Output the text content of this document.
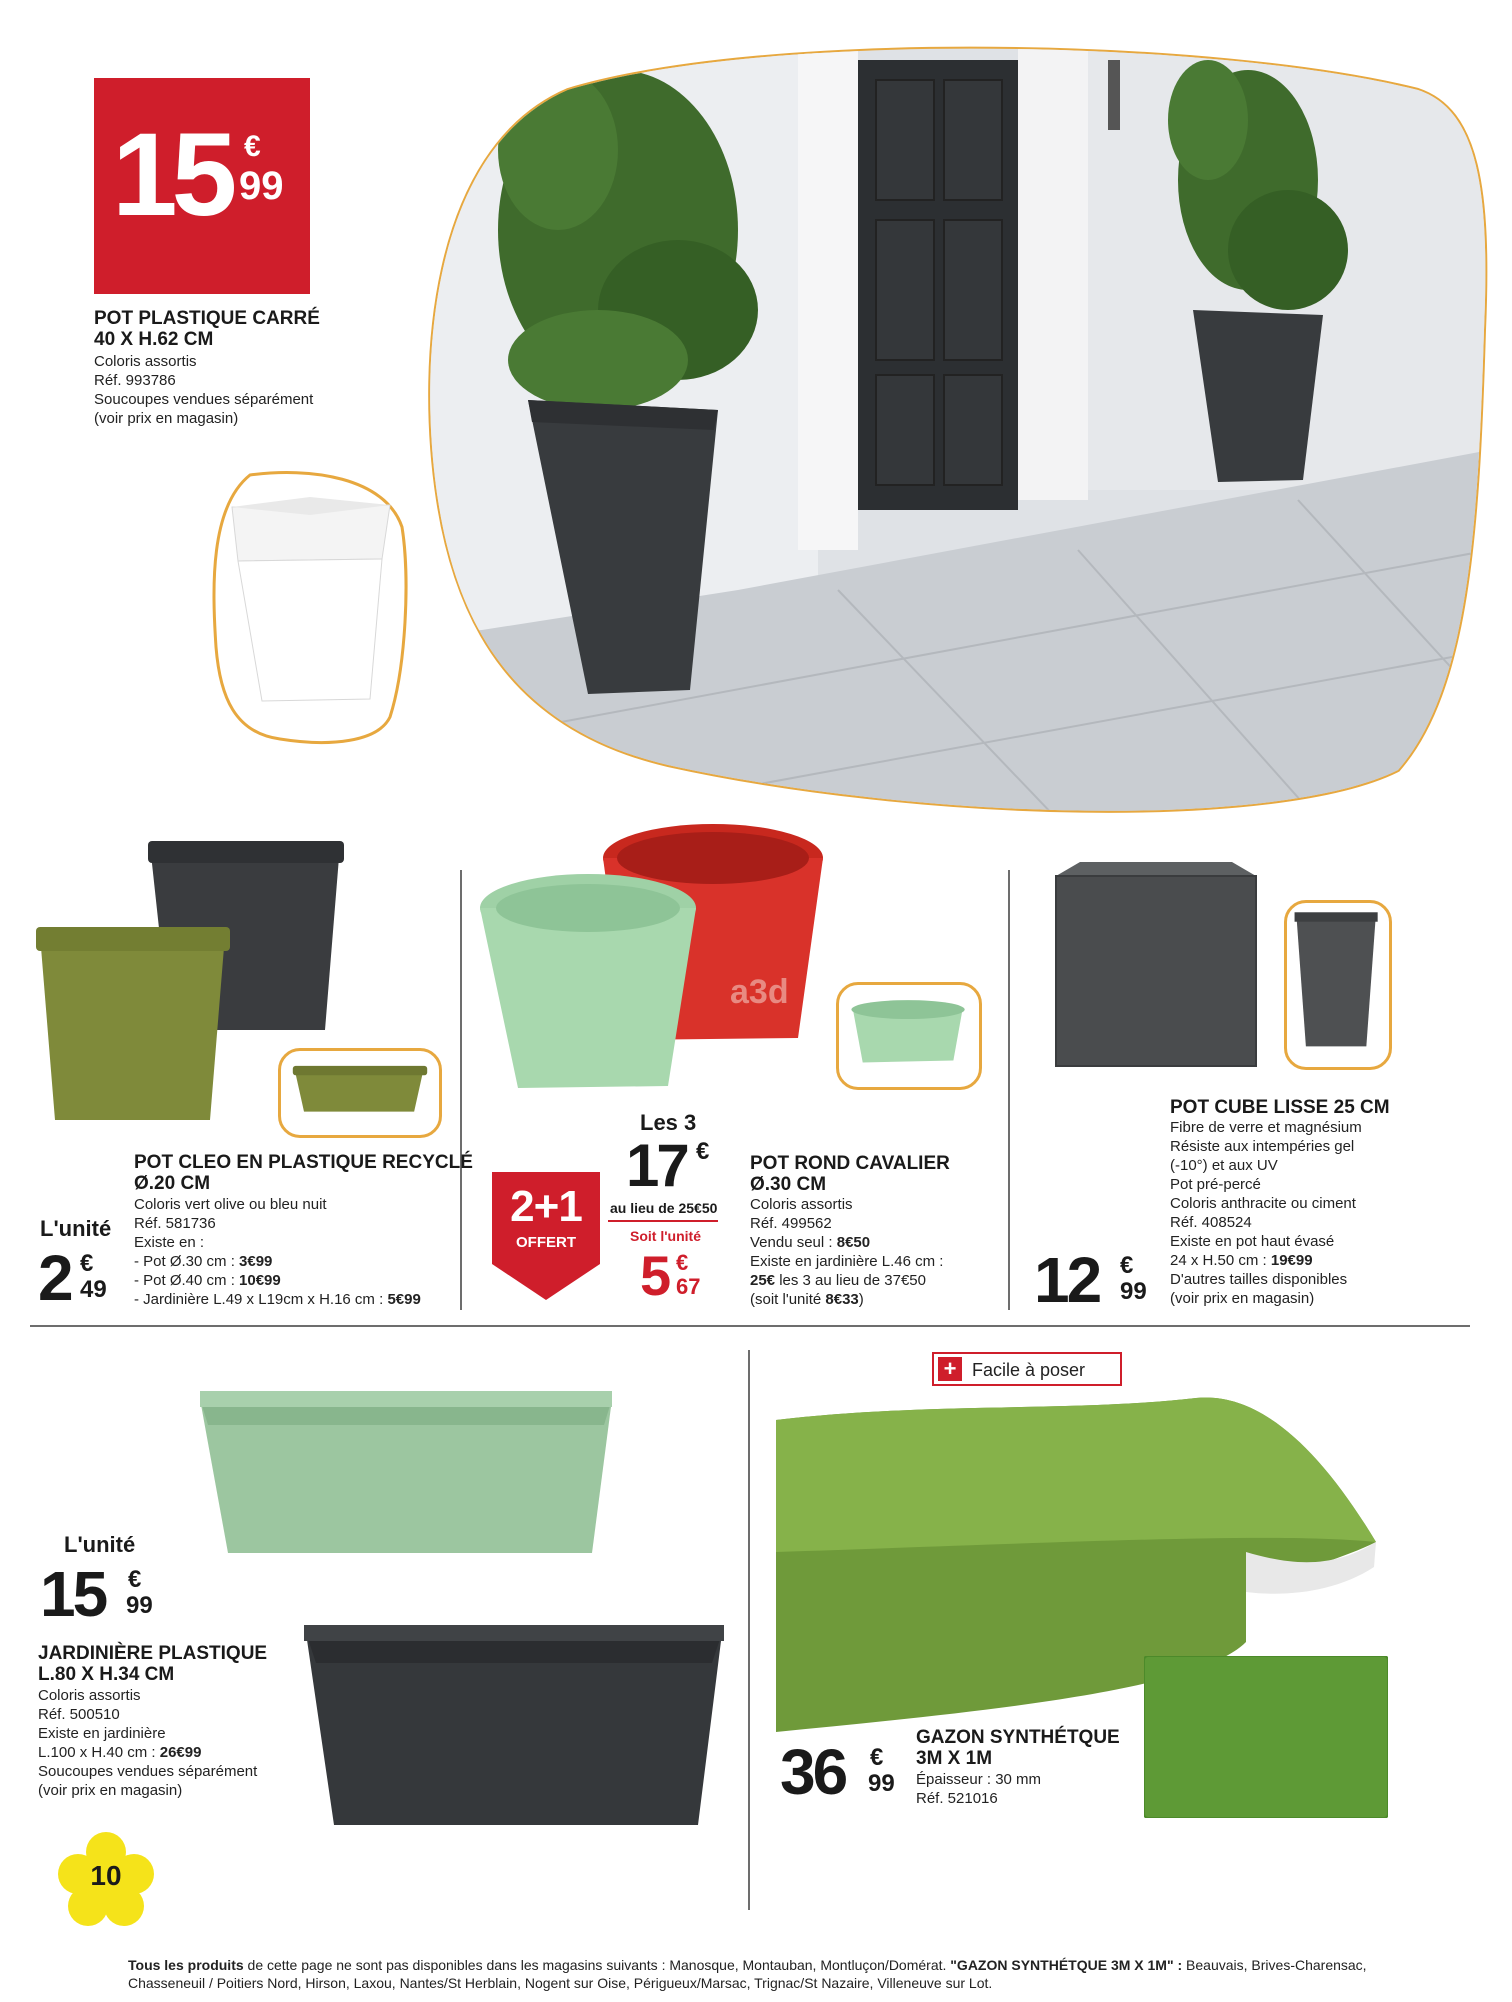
15 €
99
POT PLASTIQUE CARRÉ
40 X H.62 CM
Coloris assortis
Réf. 993786
Soucoupes vendues séparément
(voir prix en magasin)
POT CLEO EN PLASTIQUE RECYCLÉ
Ø.20 CM
Coloris vert olive ou bleu nuit
Réf. 581736
Existe en :
- Pot Ø.30 cm : 3€99
- Pot Ø.40 cm : 10€99
- Jardinière L.49 x L19cm x H.16 cm : 5€99
L'unité
2 €
49
a3d
2+1
OFFERT
Les 3
17 €
au lieu de 25€50
Soit l'unité
5 €
67
POT ROND CAVALIER
Ø.30 CM
Coloris assortis
Réf. 499562
Vendu seul : 8€50
Existe en jardinière L.46 cm :
25€ les 3 au lieu de 37€50
(soit l'unité 8€33)
POT CUBE LISSE 25 CM
Fibre de verre et magnésium
Résiste aux intempéries gel
(-10°) et aux UV
Pot pré-percé
Coloris anthracite ou ciment
Réf. 408524
Existe en pot haut évasé
24 x H.50 cm : 19€99
D'autres tailles disponibles
(voir prix en magasin)
12 €
99
L'unité
15 €
99
JARDINIÈRE PLASTIQUE
L.80 X H.34 CM
Coloris assortis
Réf. 500510
Existe en jardinière
L.100 x H.40 cm : 26€99
Soucoupes vendues séparément
(voir prix en magasin)
+ Facile à poser
36 €
99
GAZON SYNTHÉTQUE
3M X 1M
Épaisseur : 30 mm
Réf. 521016
10
Tous les produits de cette page ne sont pas disponibles dans les magasins suivants : Manosque, Montauban, Montluçon/Domérat. "GAZON SYNTHÉTQUE 3M X 1M" : Beauvais, Brives-Charensac, Chasseneuil / Poitiers Nord, Hirson, Laxou, Nantes/St Herblain, Nogent sur Oise, Périgueux/Marsac, Trignac/St Nazaire, Villeneuve sur Lot.
